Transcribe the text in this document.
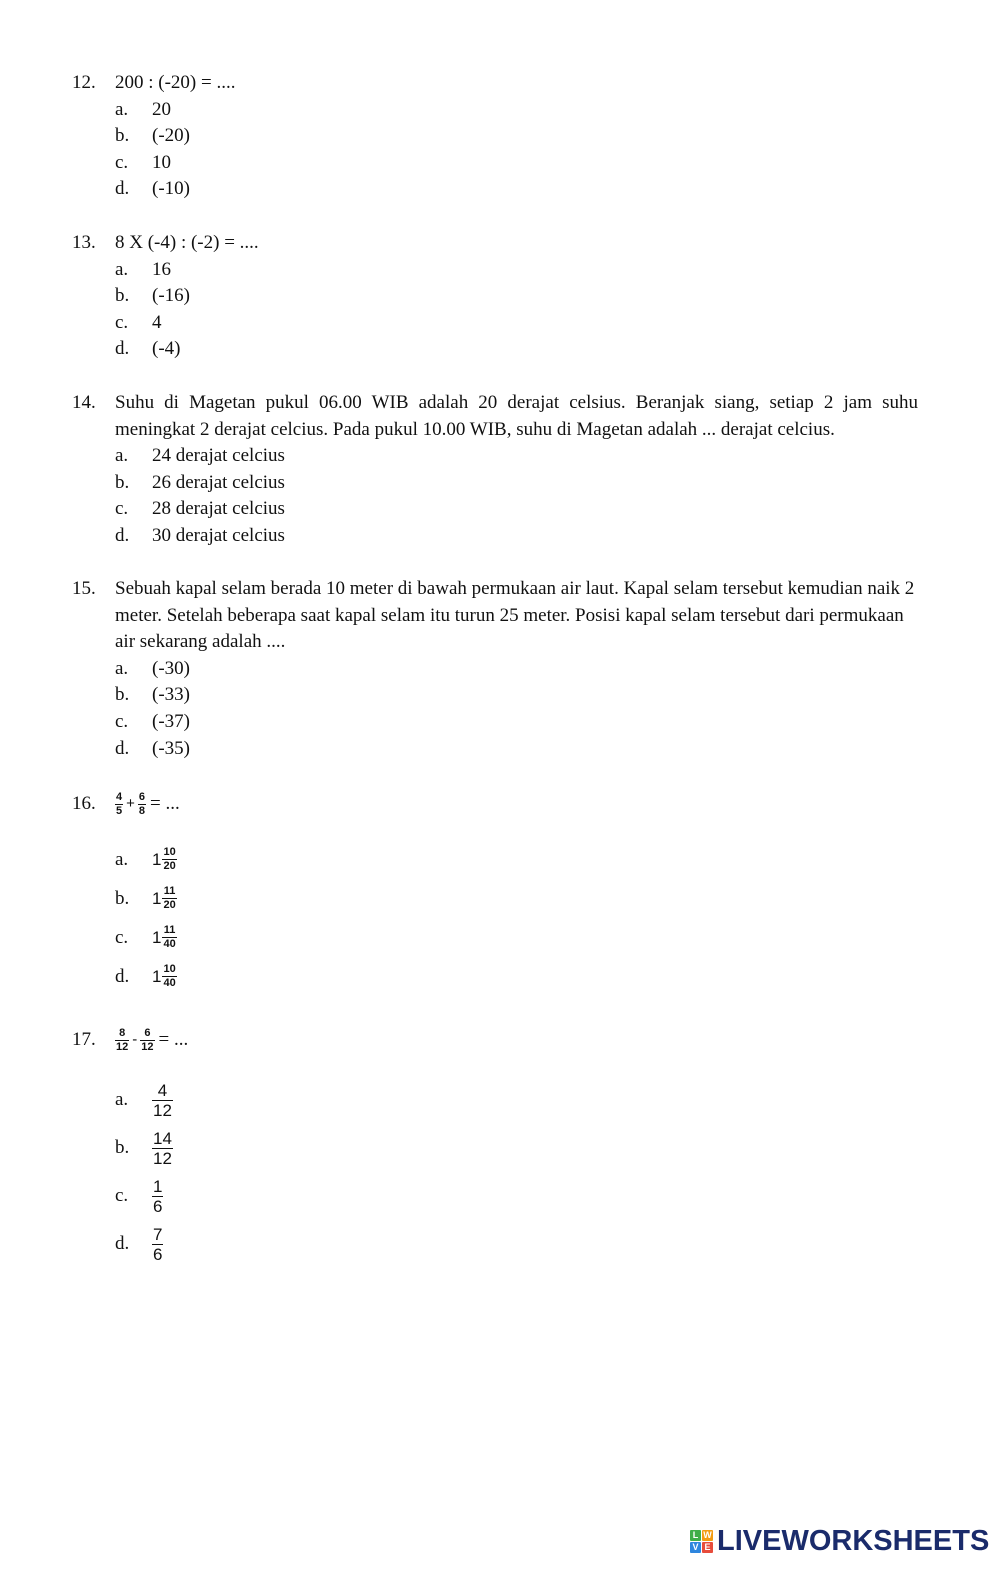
12.	200 : (-20) = ....
a.	20
b.	(-20)
c.	10
d.	(-10)
13.	8 X (-4) : (-2) = ....
a.	16
b.	(-16)
c.	4
d.	(-4)
14.	Suhu di Magetan pukul 06.00 WIB adalah 20 derajat celsius. Beranjak siang, setiap 2 jam suhu meningkat 2 derajat celcius. Pada pukul 10.00 WIB, suhu di Magetan adalah ... derajat celcius.
a.	24 derajat celcius
b.	26 derajat celcius
c.	28 derajat celcius
d.	30 derajat celcius
15.	Sebuah kapal selam berada 10 meter di bawah permukaan air laut. Kapal selam tersebut kemudian naik 2 meter. Setelah beberapa saat kapal selam itu turun 25 meter. Posisi kapal selam tersebut dari permukaan air sekarang adalah ....
a.	(-30)
b.	(-33)
c.	(-37)
d.	(-35)
16.	$\frac{4}{5} + \frac{6}{8}$ = ...
a.	$1 \frac{10}{20}$
b.	$1 \frac{11}{20}$
c.	$1 \frac{11}{40}$
d.	$1 \frac{10}{40}$
17.	$\frac{8}{12} - \frac{6}{12}$ = ...
a.	$\frac{4}{12}$
b.	$\frac{14}{12}$
c.	$\frac{1}{6}$
d.	$\frac{7}{6}$
L W
V E LIVEWORKSHEETS
